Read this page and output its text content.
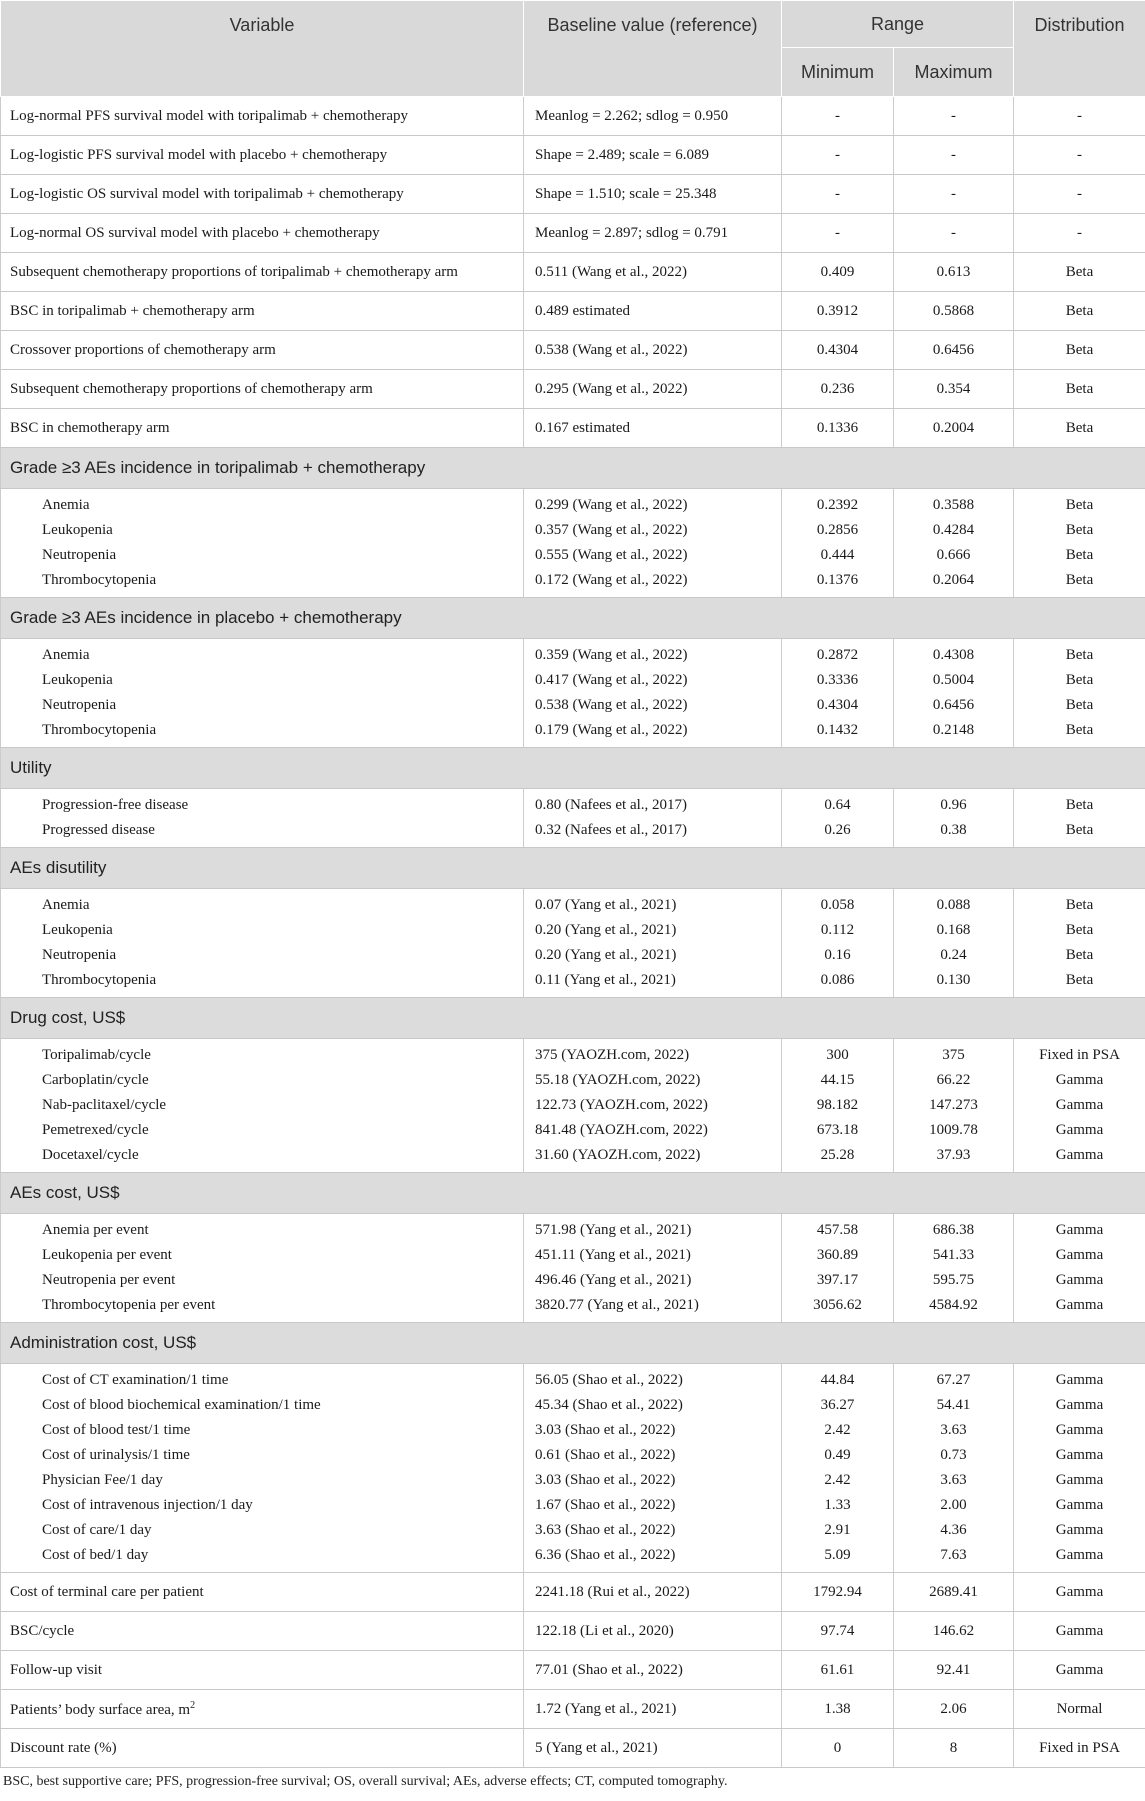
Variable	Baseline value (reference)	Range		Distribution
		Minimum	Maximum	
Log-normal PFS survival model with toripalimab + chemotherapy	Meanlog = 2.262; sdlog = 0.950	-	-	-
Log-logistic PFS survival model with placebo + chemotherapy	Shape = 2.489; scale = 6.089	-	-	-
Log-logistic OS survival model with toripalimab + chemotherapy	Shape = 1.510; scale = 25.348	-	-	-
Log-normal OS survival model with placebo + chemotherapy	Meanlog = 2.897; sdlog = 0.791	-	-	-
Subsequent chemotherapy proportions of toripalimab + chemotherapy arm	0.511 (Wang et al., 2022)	0.409	0.613	Beta
BSC in toripalimab + chemotherapy arm	0.489 estimated	0.3912	0.5868	Beta
Crossover proportions of chemotherapy arm	0.538 (Wang et al., 2022)	0.4304	0.6456	Beta
Subsequent chemotherapy proportions of chemotherapy arm	0.295 (Wang et al., 2022)	0.236	0.354	Beta
BSC in chemotherapy arm	0.167 estimated	0.1336	0.2004	Beta
Grade ≥3 AEs incidence in toripalimab + chemotherapy				
Anemia	0.299 (Wang et al., 2022)	0.2392	0.3588	Beta
Leukopenia	0.357 (Wang et al., 2022)	0.2856	0.4284	Beta
Neutropenia	0.555 (Wang et al., 2022)	0.444	0.666	Beta
Thrombocytopenia	0.172 (Wang et al., 2022)	0.1376	0.2064	Beta
Grade ≥3 AEs incidence in placebo + chemotherapy				
Anemia	0.359 (Wang et al., 2022)	0.2872	0.4308	Beta
Leukopenia	0.417 (Wang et al., 2022)	0.3336	0.5004	Beta
Neutropenia	0.538 (Wang et al., 2022)	0.4304	0.6456	Beta
Thrombocytopenia	0.179 (Wang et al., 2022)	0.1432	0.2148	Beta
Utility				
Progression-free disease	0.80 (Nafees et al., 2017)	0.64	0.96	Beta
Progressed disease	0.32 (Nafees et al., 2017)	0.26	0.38	Beta
AEs disutility				
Anemia	0.07 (Yang et al., 2021)	0.058	0.088	Beta
Leukopenia	0.20 (Yang et al., 2021)	0.112	0.168	Beta
Neutropenia	0.20 (Yang et al., 2021)	0.16	0.24	Beta
Thrombocytopenia	0.11 (Yang et al., 2021)	0.086	0.130	Beta
Drug cost, US$				
Toripalimab/cycle	375 (YAOZH.com, 2022)	300	375	Fixed in PSA
Carboplatin/cycle	55.18 (YAOZH.com, 2022)	44.15	66.22	Gamma
Nab-paclitaxel/cycle	122.73 (YAOZH.com, 2022)	98.182	147.273	Gamma
Pemetrexed/cycle	841.48 (YAOZH.com, 2022)	673.18	1009.78	Gamma
Docetaxel/cycle	31.60 (YAOZH.com, 2022)	25.28	37.93	Gamma
AEs cost, US$				
Anemia per event	571.98 (Yang et al., 2021)	457.58	686.38	Gamma
Leukopenia per event	451.11 (Yang et al., 2021)	360.89	541.33	Gamma
Neutropenia per event	496.46 (Yang et al., 2021)	397.17	595.75	Gamma
Thrombocytopenia per event	3820.77 (Yang et al., 2021)	3056.62	4584.92	Gamma
Administration cost, US$				
Cost of CT examination/1 time	56.05 (Shao et al., 2022)	44.84	67.27	Gamma
Cost of blood biochemical examination/1 time	45.34 (Shao et al., 2022)	36.27	54.41	Gamma
Cost of blood test/1 time	3.03 (Shao et al., 2022)	2.42	3.63	Gamma
Cost of urinalysis/1 time	0.61 (Shao et al., 2022)	0.49	0.73	Gamma
Physician Fee/1 day	3.03 (Shao et al., 2022)	2.42	3.63	Gamma
Cost of intravenous injection/1 day	1.67 (Shao et al., 2022)	1.33	2.00	Gamma
Cost of care/1 day	3.63 (Shao et al., 2022)	2.91	4.36	Gamma
Cost of bed/1 day	6.36 (Shao et al., 2022)	5.09	7.63	Gamma
Cost of terminal care per patient	2241.18 (Rui et al., 2022)	1792.94	2689.41	Gamma
BSC/cycle	122.18 (Li et al., 2020)	97.74	146.62	Gamma
Follow-up visit	77.01 (Shao et al., 2022)	61.61	92.41	Gamma
Patients’ body surface area, $m^2$	1.72 (Yang et al., 2021)	1.38	2.06	Normal
Discount rate (%)	5 (Yang et al., 2021)	0	8	Fixed in PSA
BSC, best supportive care; PFS, progression-free survival; OS, overall survival; AEs, adverse effects; CT, computed tomography.
